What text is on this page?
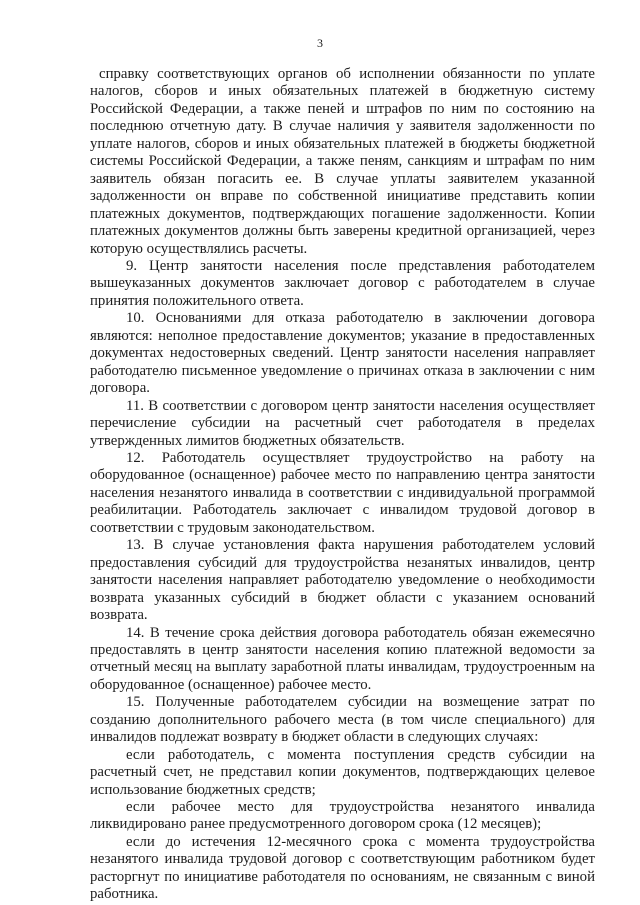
3

справку соответствующих органов об исполнении обязанности по уплате налогов, сборов и иных обязательных платежей в бюджетную систему Российской Федерации, а также пеней и штрафов по ним по состоянию на последнюю отчетную дату. В случае наличия у заявителя задолженности по уплате налогов, сборов и иных обязательных платежей в бюджеты бюджетной системы Российской Федерации, а также пеням, санкциям и штрафам по ним заявитель обязан погасить ее. В случае уплаты заявителем указанной задолженности он вправе по собственной инициативе представить копии платежных документов, подтверждающих погашение задолженности. Копии платежных документов должны быть заверены кредитной организацией, через которую осуществлялись расчеты.

9. Центр занятости населения после представления работодателем вышеуказанных документов заключает договор с работодателем в случае принятия положительного ответа.

10. Основаниями для отказа работодателю в заключении договора являются: неполное предоставление документов; указание в предоставленных документах недостоверных сведений. Центр занятости населения направляет работодателю письменное уведомление о причинах отказа в заключении с ним договора.

11. В соответствии с договором центр занятости населения осуществляет перечисление субсидии на расчетный счет работодателя в пределах утвержденных лимитов бюджетных обязательств.

12. Работодатель осуществляет трудоустройство на работу на оборудованное (оснащенное) рабочее место по направлению центра занятости населения незанятого инвалида в соответствии с индивидуальной программой реабилитации. Работодатель заключает с инвалидом трудовой договор в соответствии с трудовым законодательством.

13. В случае установления факта нарушения работодателем условий предоставления субсидий для трудоустройства незанятых инвалидов, центр занятости населения направляет работодателю уведомление о необходимости возврата указанных субсидий в бюджет области с указанием оснований возврата.

14. В течение срока действия договора работодатель обязан ежемесячно предоставлять в центр занятости населения копию платежной ведомости за отчетный месяц на выплату заработной платы инвалидам, трудоустроенным на оборудованное (оснащенное) рабочее место.

15. Полученные работодателем субсидии на возмещение затрат по созданию дополнительного рабочего места (в том числе специального) для инвалидов подлежат возврату в бюджет области в следующих случаях:

если работодатель, с момента поступления средств субсидии на расчетный счет, не представил копии документов, подтверждающих целевое использование бюджетных средств;

если рабочее место для трудоустройства незанятого инвалида ликвидировано ранее предусмотренного договором срока (12 месяцев);

если до истечения 12-месячного срока с момента трудоустройства незанятого инвалида трудовой договор с соответствующим работником будет расторгнут по инициативе работодателя по основаниям, не связанным с виной работника.
